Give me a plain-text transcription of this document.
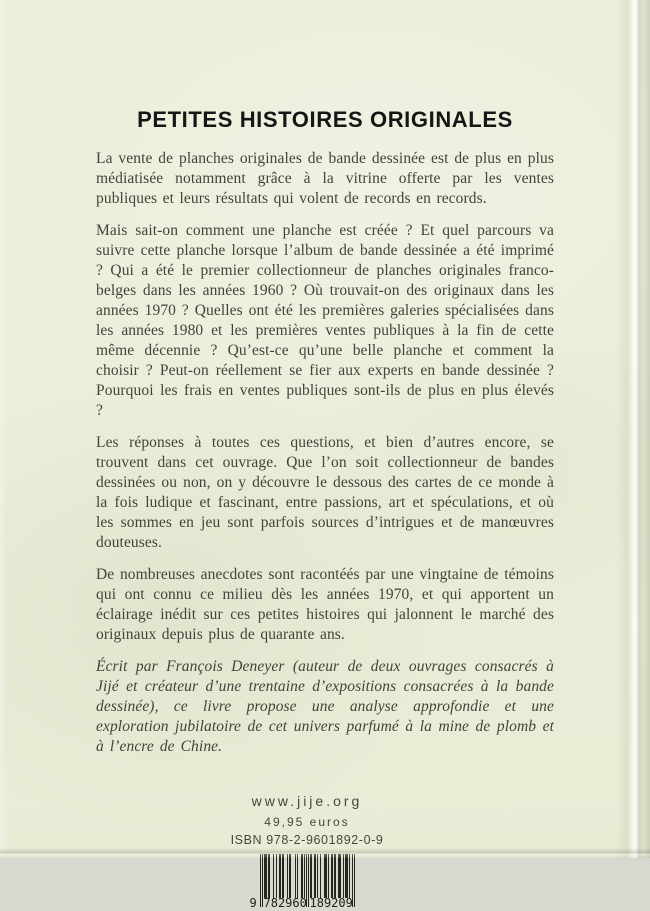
PETITES HISTOIRES ORIGINALES

La vente de planches originales de bande dessinée est de plus en plus médiatisée notamment grâce à la vitrine offerte par les ventes publiques et leurs résultats qui volent de records en records.

Mais sait-on comment une planche est créée ? Et quel parcours va suivre cette planche lorsque l’album de bande dessinée a été imprimé ? Qui a été le premier collectionneur de planches originales franco-belges dans les années 1960 ? Où trouvait-on des originaux dans les années 1970 ? Quelles ont été les premières galeries spécialisées dans les années 1980 et les premières ventes publiques à la fin de cette même décennie ? Qu’est-ce qu’une belle planche et comment la choisir ? Peut-on réellement se fier aux experts en bande dessinée ? Pourquoi les frais en ventes publiques sont-ils de plus en plus élevés ?

Les réponses à toutes ces questions, et bien d’autres encore, se trouvent dans cet ouvrage. Que l’on soit collectionneur de bandes dessinées ou non, on y découvre le dessous des cartes de ce monde à la fois ludique et fascinant, entre passions, art et spéculations, et où les sommes en jeu sont parfois sources d’intrigues et de manœuvres douteuses.

De nombreuses anecdotes sont racontéés par une vingtaine de témoins qui ont connu ce milieu dès les années 1970, et qui apportent un éclairage inédit sur ces petites histoires qui jalonnent le marché des originaux depuis plus de quarante ans.

Écrit par François Deneyer (auteur de deux ouvrages consacrés à Jijé et créateur d’une trentaine d’expositions consacrées à la bande dessinée), ce livre propose une analyse approfondie et une exploration jubilatoire de cet univers parfumé à la mine de plomb et à l’encre de Chine.

www.jije.org
49,95 euros
ISBN 978-2-9601892-0-9
9 782960 189209
